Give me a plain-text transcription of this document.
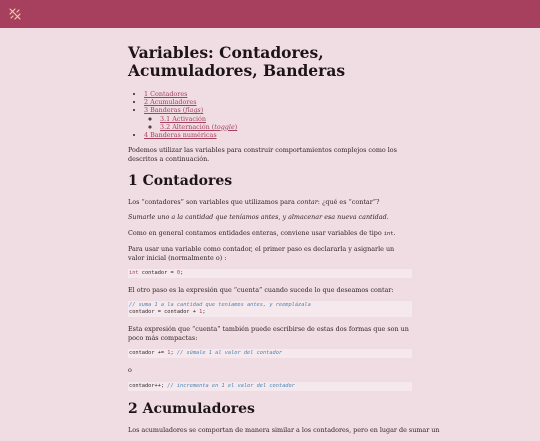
Variables: Contadores, Acumuladores, Banderas
• 1 Contadores
• 2 Acumuladores
• 3 Banderas (flags)
◦ 3.1 Activación
◦ 3.2 Alternación (toggle)
• 4 Banderas numéricas

Podemos utilizar las variables para construir comportamientos complejos como los descritos a continuación.

1 Contadores

Los “contadores” son variables que utilizamos para contar: ¿qué es “contar”?

Sumarle uno a la cantidad que teníamos antes, y almacenar esa nueva cantidad.

Como en general contamos entidades enteras, conviene usar variables de tipo int.

Para usar una variable como contador, el primer paso es declararla y asignarle un valor inicial (normalmente o) :

int contador = 0;

El otro paso es la expresión que “cuenta” cuando sucede lo que deseamos contar:

// suma 1 a la cantidad que teníamos antes, y reemplázala
contador = contador + 1;

Esta expresión que “cuenta” también puede escribirse de estas dos formas que son un poco más compactas:

contador += 1; // súmale 1 al valor del contador

o

contador++; // incrementa en 1 el valor del contador
2 Acumuladores

Los acumuladores se comportan de manera similar a los contadores, pero en lugar de sumar un
